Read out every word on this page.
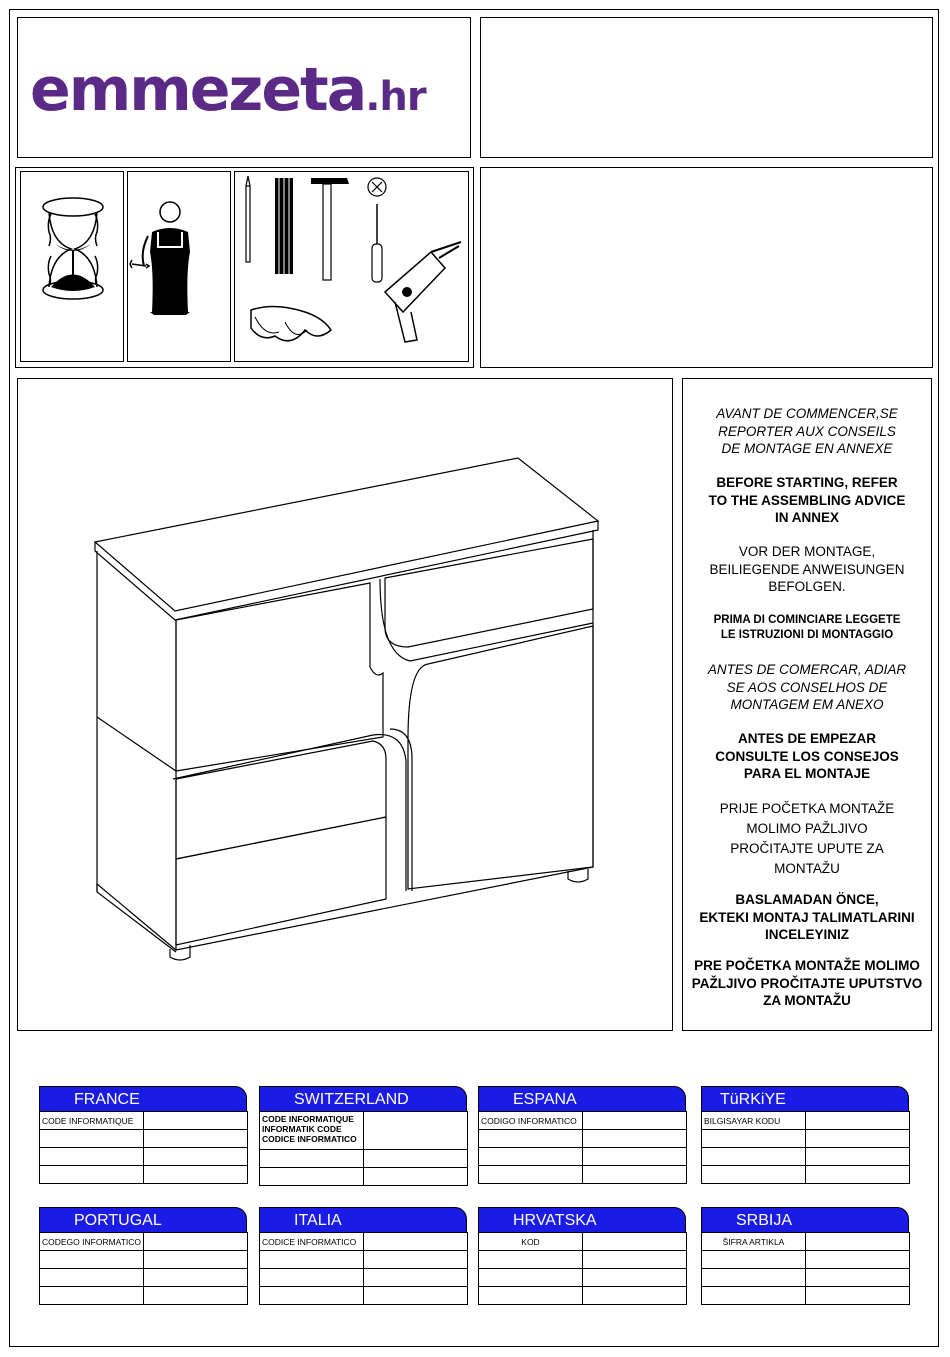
emmezeta.hr
AVANT DE COMMENCER,SE
REPORTER AUX CONSEILS
DE MONTAGE EN ANNEXE
BEFORE STARTING, REFER
TO THE ASSEMBLING ADVICE
IN ANNEX
VOR DER MONTAGE,
BEILIEGENDE ANWEISUNGEN
BEFOLGEN.
PRIMA DI COMINCIARE LEGGETE
LE ISTRUZIONI DI MONTAGGIO
ANTES DE COMERCAR, ADIAR
SE AOS CONSELHOS DE
MONTAGEM EM ANEXO
ANTES DE EMPEZAR
CONSULTE LOS CONSEJOS
PARA EL MONTAJE
PRIJE POČETKA MONTAŽE
MOLIMO PAŽLJIVO
PROČITAJTE UPUTE ZA
MONTAŽU
BASLAMADAN ÖNCE,
EKTEKI MONTAJ TALIMATLARINI
INCELEYINIZ
PRE POČETKA MONTAŽE MOLIMO
PAŽLJIVO PROČITAJTE UPUTSTVO
ZA MONTAŽU
FRANCE
CODE INFORMATIQUE	

SWITZERLAND
CODE INFORMATIQUE
INFORMATIK CODE
CODICE INFORMATICO	

ESPANA
CODIGO INFORMATICO	

TüRKiYE
BILGISAYAR KODU	

PORTUGAL
CODEGO INFORMATICO	

ITALIA
CODICE INFORMATICO	

HRVATSKA
KOD	

SRBIJA
ŠIFRA ARTIKLA	
